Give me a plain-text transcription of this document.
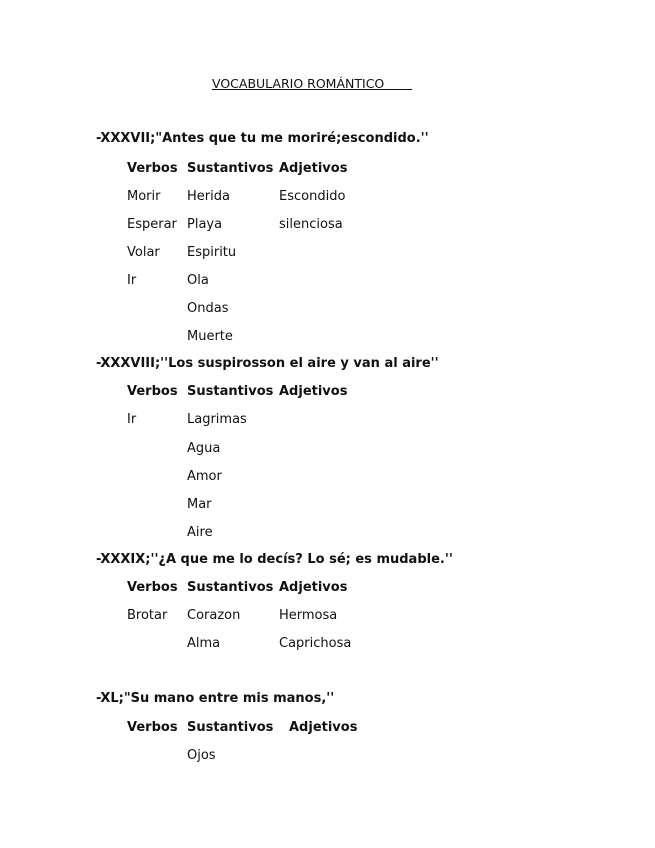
VOCABULARIO ROMÁNTICO
-XXXVII;"Antes que tu me moriré;escondido.''
Verbos Sustantivos Adjetivos
Morir
Esperar
Volar
Ir
Herida
Playa
Espiritu
Ola
Ondas
Muerte
Escondido
silenciosa
-XXXVIII;''Los suspirosson el aire y van al aire''
Verbos Sustantivos Adjetivos
Ir	Lagrimas
Agua
Amor
Mar
Aire
-XXXIX;''¿A que me lo decís? Lo sé; es mudable.''
Verbos Sustantivos Adjetivos
Brotar Corazon
Alma
Hermosa
Caprichosa
-XL;"Su mano entre mis manos,''
Verbos Sustantivos Adjetivos
Ojos
